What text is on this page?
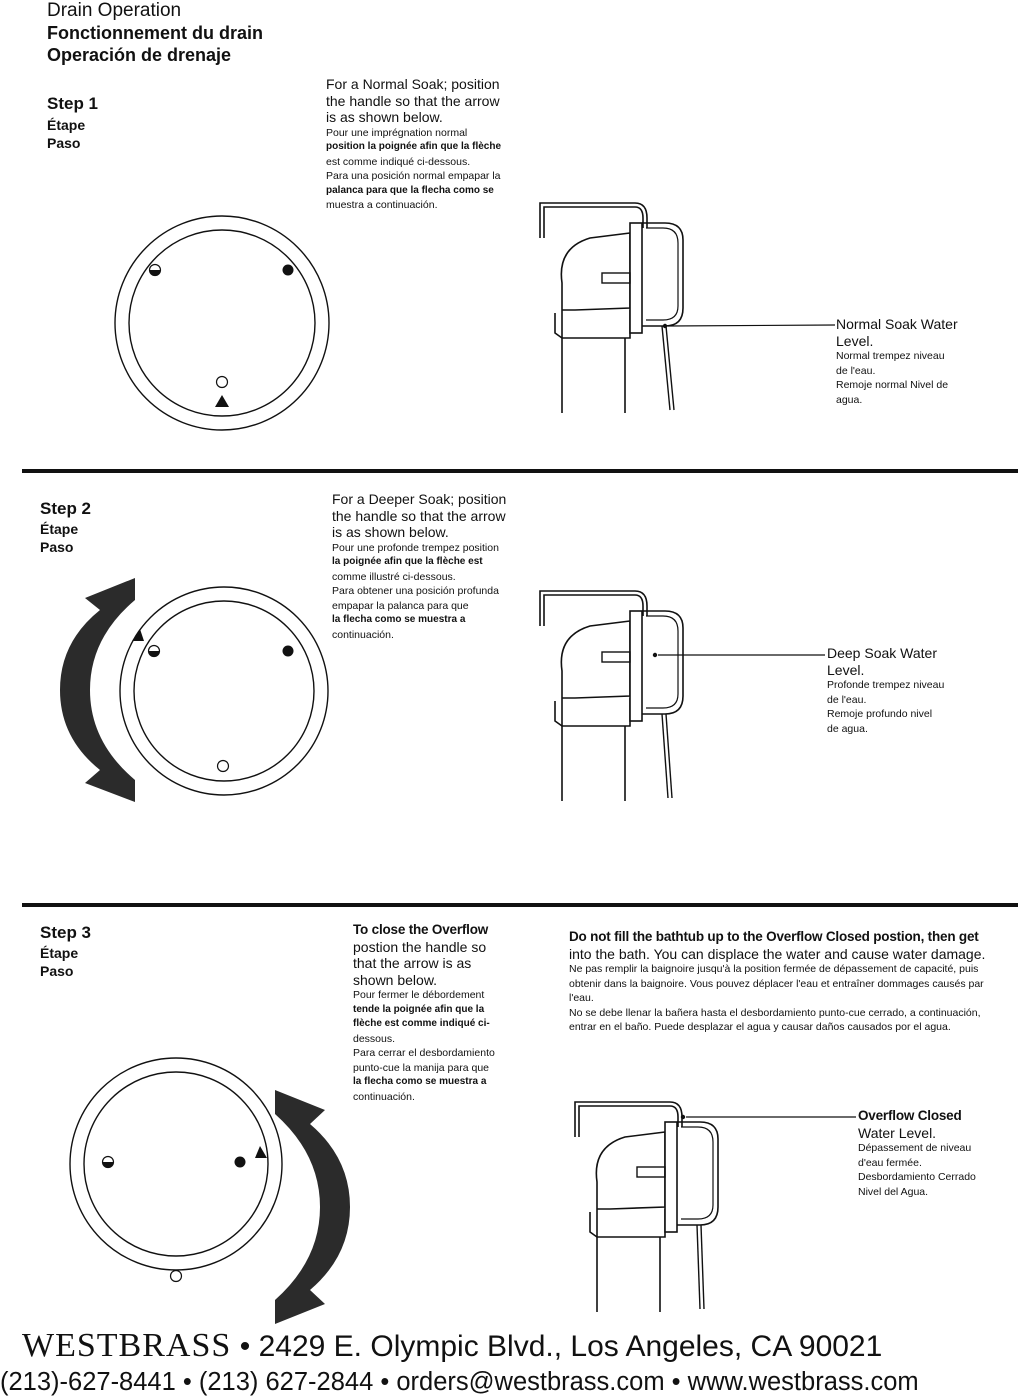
Drain Operation
Fonctionnement du drain
Operación de drenaje
Step 1
Étape
Paso
For a Normal Soak; position
the handle so that the arrow
is as shown below.
Pour une imprégnation normal
position la poignée afin que la flèche
est comme indiqué ci-dessous.
Para una posición normal empapar la
palanca para que la flecha como se
muestra a continuación.
Normal Soak Water
Level.
Normal trempez niveau
de l'eau.
Remoje normal Nivel de
agua.
Step 2
Étape
Paso
For a Deeper Soak; position
the handle so that the arrow
is as shown below.
Pour une profonde trempez position
la poignée afin que la flèche est
comme illustré ci-dessous.
Para obtener una posición profunda
empapar la palanca para que
la flecha como se muestra a
continuación.
Deep Soak Water
Level.
Profonde trempez niveau
de l'eau.
Remoje profundo nivel
de agua.
Step 3
Étape
Paso
To close the Overflow
postion the handle so
that the arrow is as
shown below.
Pour fermer le débordement
tende la poignée afin que la
flèche est comme indiqué ci-
dessous.
Para cerrar el desbordamiento
punto-cue la manija para que
la flecha como se muestra a
continuación.
Do not fill the bathtub up to the Overflow Closed postion, then get
into the bath. You can displace the water and cause water damage.
Ne pas remplir la baignoire jusqu'à la position fermée de dépassement de capacité, puis
obtenir dans la baignoire. Vous pouvez déplacer l'eau et entraîner dommages causés par
l'eau.
No se debe llenar la bañera hasta el desbordamiento punto-cue cerrado, a continuación,
entrar en el baño. Puede desplazar el agua y causar daños causados por el agua.
Overflow Closed
Water Level.
Dépassement de niveau
d'eau fermée.
Desbordamiento Cerrado
Nivel del Agua.
WESTBRASS • 2429 E. Olympic Blvd., Los Angeles, CA 90021
(213)-627-8441 • (213) 627-2844 • orders@westbrass.com • www.westbrass.com
